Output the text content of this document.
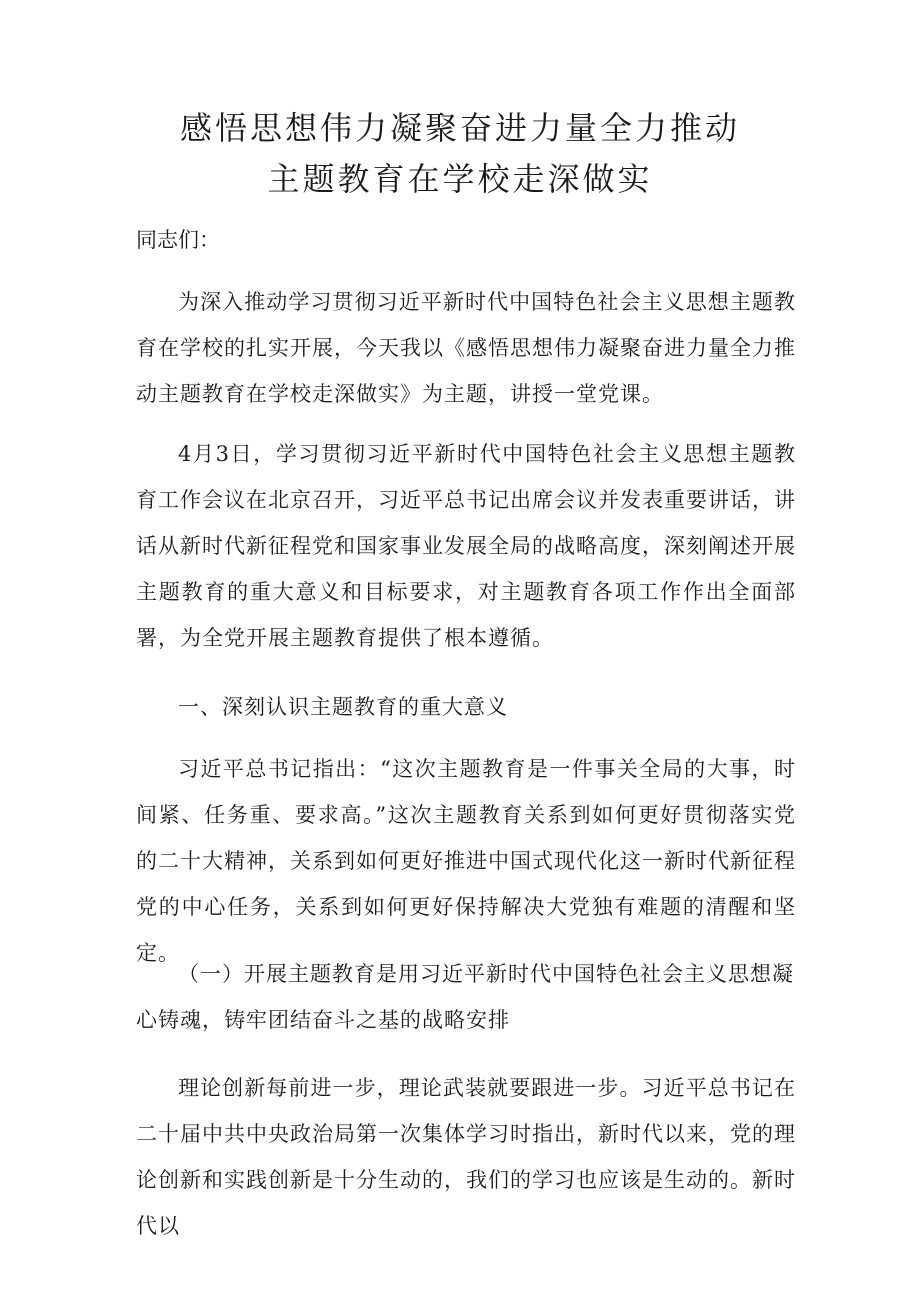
感悟思想伟力凝聚奋进力量全力推动
主题教育在学校走深做实

同志们：

为深入推动学习贯彻习近平新时代中国特色社会主义思想主题教育在学校的扎实开展，今天我以《感悟思想伟力凝聚奋进力量全力推动主题教育在学校走深做实》为主题，讲授一堂党课。

4月3日，学习贯彻习近平新时代中国特色社会主义思想主题教育工作会议在北京召开，习近平总书记出席会议并发表重要讲话，讲话从新时代新征程党和国家事业发展全局的战略高度，深刻阐述开展主题教育的重大意义和目标要求，对主题教育各项工作作出全面部署，为全党开展主题教育提供了根本遵循。

一、深刻认识主题教育的重大意义

习近平总书记指出：“这次主题教育是一件事关全局的大事，时间紧、任务重、要求高。”这次主题教育关系到如何更好贯彻落实党的二十大精神，关系到如何更好推进中国式现代化这一新时代新征程党的中心任务，关系到如何更好保持解决大党独有难题的清醒和坚定。

（一）开展主题教育是用习近平新时代中国特色社会主义思想凝心铸魂，铸牢团结奋斗之基的战略安排

理论创新每前进一步，理论武装就要跟进一步。习近平总书记在二十届中共中央政治局第一次集体学习时指出，新时代以来，党的理论创新和实践创新是十分生动的，我们的学习也应该是生动的。新时代以
